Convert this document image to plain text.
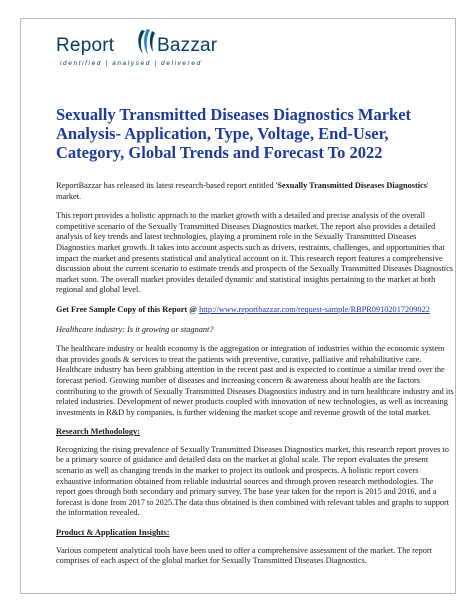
Report Bazzar
identified | analysed | delivered
Sexually Transmitted Diseases Diagnostics Market Analysis- Application, Type, Voltage, End-User, Category, Global Trends and Forecast To 2022

ReportBazzar has released its latest research-based report entitled 'Sexually Transmitted Diseases Diagnostics' market.

This report provides a holistic approach to the market growth with a detailed and precise analysis of the overall competitive scenario of the Sexually Transmitted Diseases Diagnostics market. The report also provides a detailed analysis of key trends and latest technologies, playing a prominent role in the Sexually Transmitted Diseases Diagnostics market growth. It takes into account aspects such as drivers, restraints, challenges, and opportunities that impact the market and presents statistical and analytical account on it. This research report features a comprehensive discussion about the current scenario to estimate trends and prospects of the Sexually Transmitted Diseases Diagnostics market soon. The overall market provides detailed dynamic and statistical insights pertaining to the market at both regional and global level.

Get Free Sample Copy of this Report @ http://www.reportbazzar.com/request-sample/RBPR09102017209022

Healthcare industry: Is it growing or stagnant?

The healthcare industry or health economy is the aggregation or integration of industries within the economic system that provides goods & services to treat the patients with preventive, curative, palliative and rehabilitative care. Healthcare industry has been grabbing attention in the recent past and is expected to continue a similar trend over the forecast period. Growing number of diseases and increasing concern & awareness about health are the factors contributing to the growth of Sexually Transmitted Diseases Diagnostics industry and in turn healthcare industry and its related industries. Development of newer products coupled with innovation of new technologies, as well as increasing investments in R&D by companies, is further widening the market scope and revenue growth of the total market.

Research Methodology:

Recognizing the rising prevalence of Sexually Transmitted Diseases Diagnostics market, this research report proves to be a primary source of guidance and detailed data on the market at global scale. The report evaluates the present scenario as well as changing trends in the market to project its outlook and prospects. A holistic report covers exhaustive information obtained from reliable industrial sources and through proven research methodologies. The report goes through both secondary and primary survey. The base year taken for the report is 2015 and 2016, and a forecast is done from 2017 to 2025.The data thus obtained is then combined with relevant tables and graphs to support the information revealed.

Product & Application Insights:

Various competent analytical tools have been used to offer a comprehensive assessment of the market. The report comprises of each aspect of the global market for Sexually Transmitted Diseases Diagnostics.
